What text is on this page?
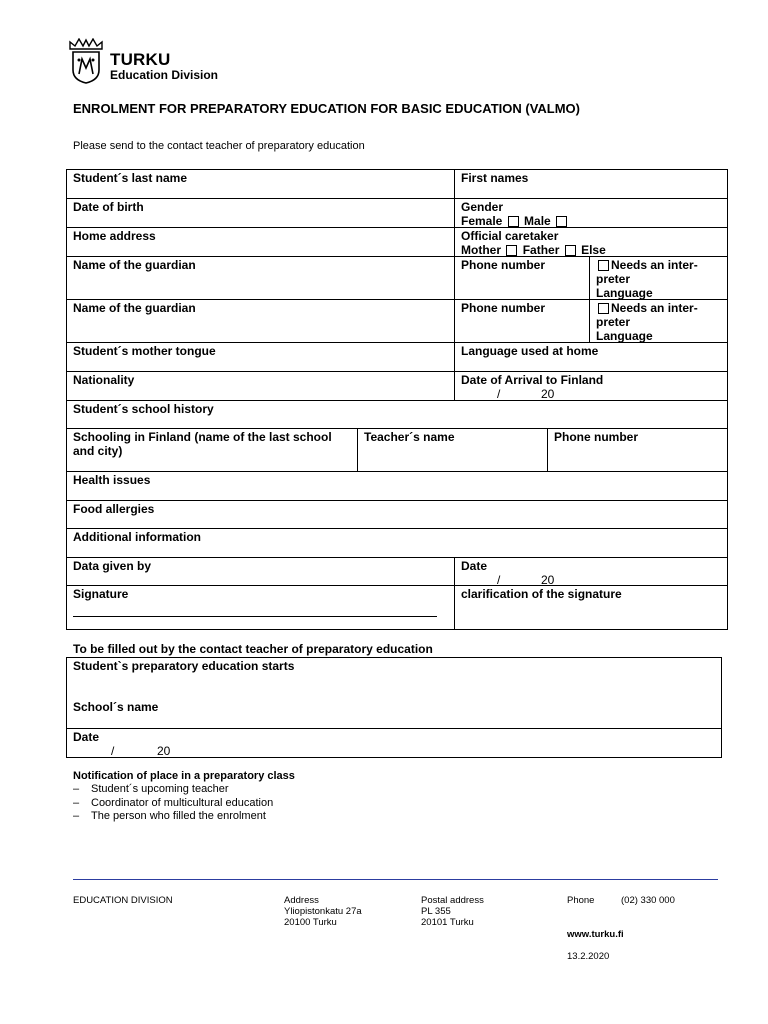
TURKU
Education Division
ENROLMENT FOR PREPARATORY EDUCATION FOR BASIC EDUCATION (VALMO)
Please send to the contact teacher of preparatory education
Student´s last name	First names
Date of birth	Gender
Female Male
Home address	Official caretaker
Mother Father Else
Name of the guardian	Phone number	Needs an inter-
preter
Language
Name of the guardian	Phone number	Needs an inter-
preter
Language
Student´s mother tongue	Language used at home
Nationality	Date of Arrival to Finland
/	20
Student´s school history
Schooling in Finland (name of the last school and city)
Teacher´s name	Phone number
Health issues
Food allergies
Additional information
Data given by	Date
/	20
Signature	clarification of the signature
To be filled out by the contact teacher of preparatory education
Student`s preparatory education starts
School´s name
Date
/	20
Notification of place in a preparatory class
– Student´s upcoming teacher
– Coordinator of multicultural education
– The person who filled the enrolment
EDUCATION DIVISION	Address
Yliopistonkatu 27a
20100 Turku
Postal address
PL 355
20101 Turku
Phone	(02) 330 000
www.turku.fi
13.2.2020
